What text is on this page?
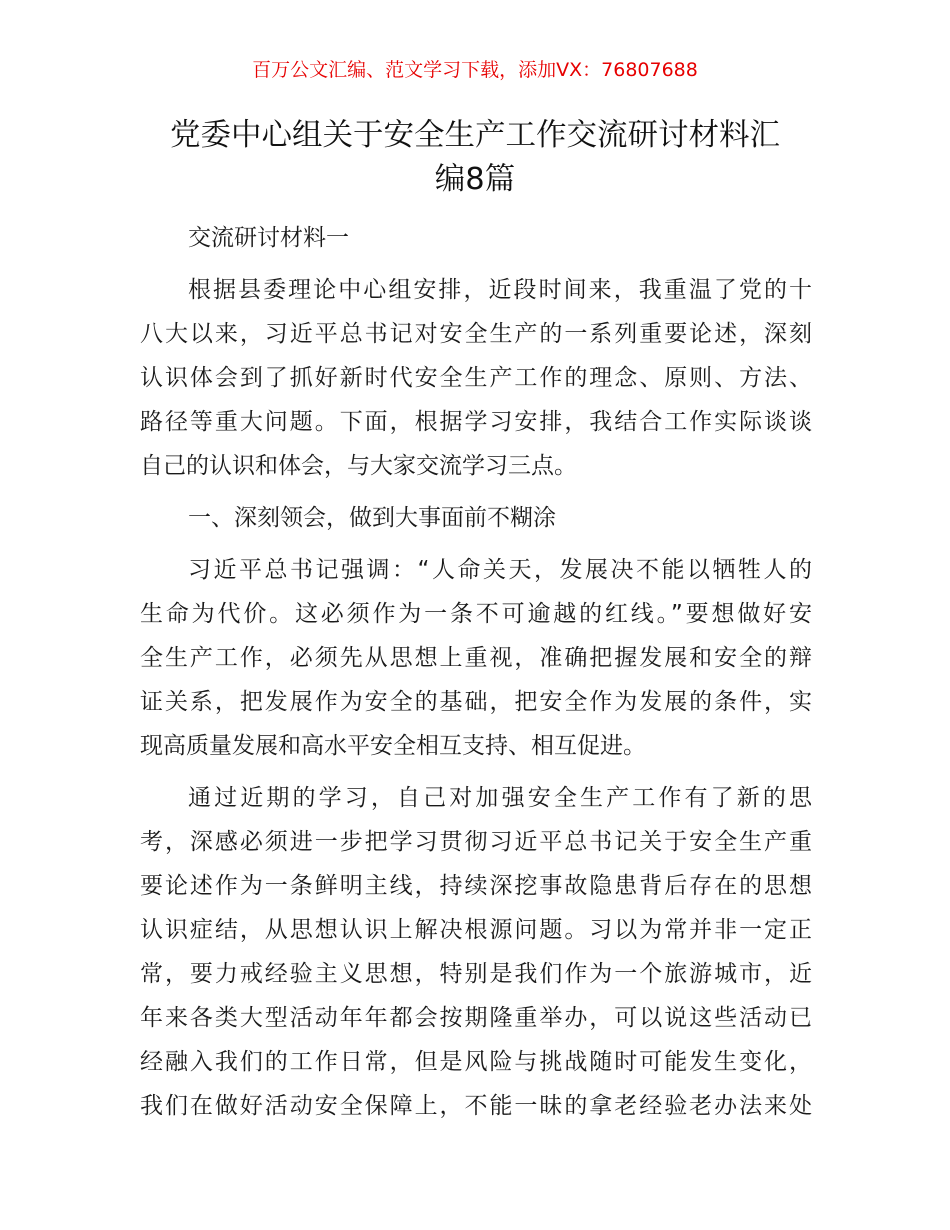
百万公文汇编、范文学习下载，添加VX：76807688
党委中心组关于安全生产工作交流研讨材料汇
编8篇
交流研讨材料一
根据县委理论中心组安排，近段时间来，我重温了党的十
八大以来，习近平总书记对安全生产的一系列重要论述，深刻
认识体会到了抓好新时代安全生产工作的理念、原则、方法、
路径等重大问题。下面，根据学习安排，我结合工作实际谈谈
自己的认识和体会，与大家交流学习三点。
一、深刻领会，做到大事面前不糊涂
习近平总书记强调：“人命关天，发展决不能以牺牲人的
生命为代价。这必须作为一条不可逾越的红线。”要想做好安
全生产工作，必须先从思想上重视，准确把握发展和安全的辩
证关系，把发展作为安全的基础，把安全作为发展的条件，实
现高质量发展和高水平安全相互支持、相互促进。
通过近期的学习，自己对加强安全生产工作有了新的思
考，深感必须进一步把学习贯彻习近平总书记关于安全生产重
要论述作为一条鲜明主线，持续深挖事故隐患背后存在的思想
认识症结，从思想认识上解决根源问题。习以为常并非一定正
常，要力戒经验主义思想，特别是我们作为一个旅游城市，近
年来各类大型活动年年都会按期隆重举办，可以说这些活动已
经融入我们的工作日常，但是风险与挑战随时可能发生变化，
我们在做好活动安全保障上，不能一昧的拿老经验老办法来处
